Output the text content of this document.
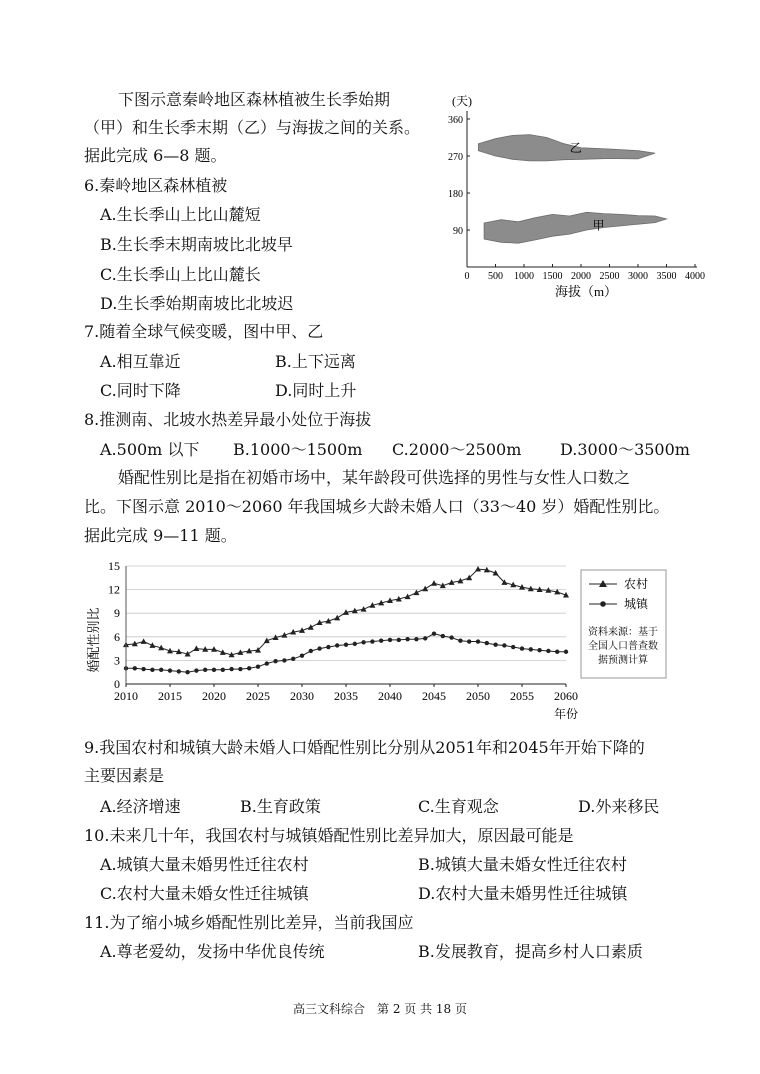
下图示意秦岭地区森林植被生长季始期
（甲）和生长季末期（乙）与海拔之间的关系。
据此完成 6—8 题。
6.秦岭地区森林植被
A.生长季山上比山麓短
B.生长季末期南坡比北坡早
C.生长季山上比山麓长
D.生长季始期南坡比北坡迟
7.随着全球气候变暖，图中甲、乙
A.相互靠近	B.上下远离
C.同时下降	D.同时上升
8.推测南、北坡水热差异最小处位于海拔
A.500m 以下 B.1000～1500m C.2000～2500m D.3000～3500m
婚配性别比是指在初婚市场中，某年龄段可供选择的男性与女性人口数之
比。下图示意 2010～2060 年我国城乡大龄未婚人口（33～40 岁）婚配性别比。
据此完成 9—11 题。
(天)
乙
甲
90
180
270
360
0 500 1000 1500 2000 2500 3000 3500 4000
海拔（m）
婚配性别比
0
3
6
9
12
15
2010 2015 2020 2025 2030 2035 2040 2045 2050 2055 2060
年份
农村
城镇
资料来源：基于
全国人口普查数
据预测计算
9.我国农村和城镇大龄未婚人口婚配性别比分别从2051年和2045年开始下降的
主要因素是
A.经济增速	B.生育政策	C.生育观念	D.外来移民
10.未来几十年，我国农村与城镇婚配性别比差异加大，原因最可能是
A.城镇大量未婚男性迁往农村	B.城镇大量未婚女性迁往农村
C.农村大量未婚女性迁往城镇	D.农村大量未婚男性迁往城镇
11.为了缩小城乡婚配性别比差异，当前我国应
A.尊老爱幼，发扬中华优良传统	B.发展教育，提高乡村人口素质
高三文科综合　第 2 页 共 18 页
